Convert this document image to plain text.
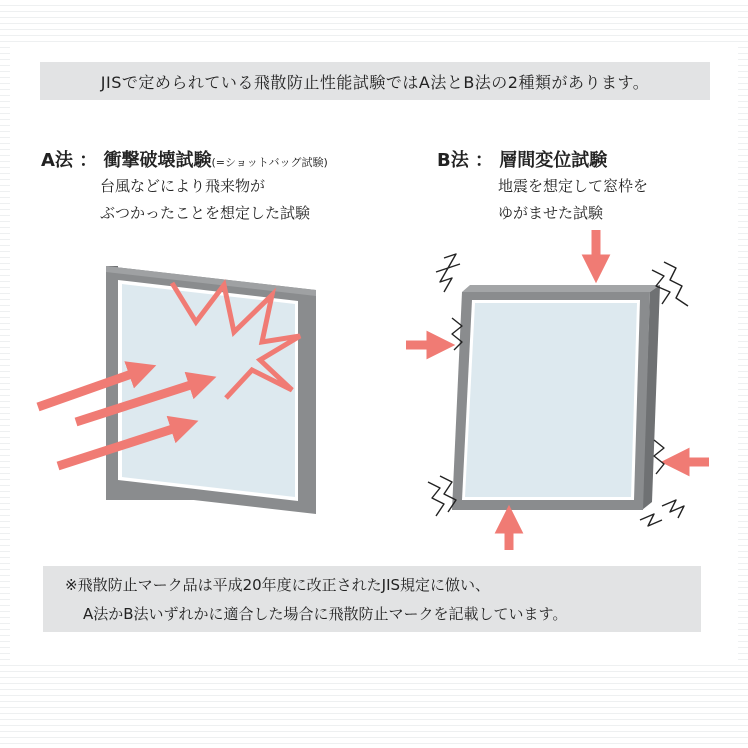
JISで定められている飛散防止性能試験ではA法とB法の2種類があります。
A法 ： 衝撃破壊試験(=ショットバッグ試験)
台風などにより飛来物が
ぶつかったことを想定した試験
B法 ： 層間変位試験
地震を想定して窓枠を
ゆがませた試験
※飛散防止マーク品は平成20年度に改正されたJIS規定に倣い、
A法かB法いずれかに適合した場合に飛散防止マークを記載しています。
